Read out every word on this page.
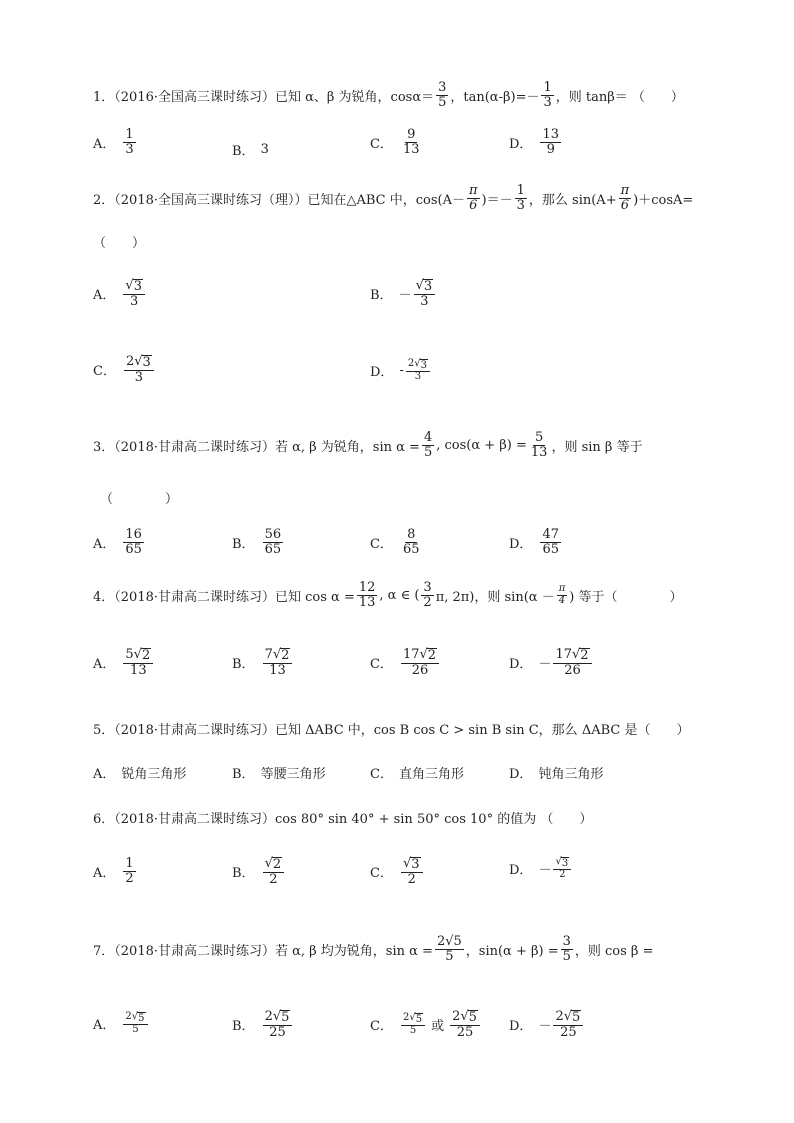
1．（2016·全国高三课时练习）已知 α、β 为锐角，$\cos\alpha= \frac{3}{5}$ ，$\tan(\alpha-\beta)=- \frac{1}{3}$ ，则 tanβ＝ （　　）
A． $\frac{1}{3}$	B． 3	C． $\frac{9}{13}$	D． $\frac{13}{9}$
2．（2018·全国高三课时练习（理））已知在△ABC 中，$\cos(A- \frac{\pi}{6}$ )＝－ $\frac{1}{3}$ ，那么 $\sin(A+ \frac{\pi}{6} )+\cos A=$
（　　）
A． $\frac{√ 3}{3}$	B． － $\frac{√ 3}{3}$
C． $\frac{2 √ 3}{3}$	D． - $\frac{2 √ 3}{3}$
3．（2018·甘肃高二课时练习）若 α, β 为锐角，$\sin \alpha = \frac{4}{5}$ , $\cos(\alpha + \beta) = \frac{5}{13}$ ，则 sin β 等于
（　　　　）
A． $\frac{16}{65}$	B． $\frac{56}{65}$	C． $\frac{8}{65}$	D． $\frac{47}{65}$
4．（2018·甘肃高二课时练习）已知 $\cos \alpha = \frac{12}{13}$ , α ∈ ( $\frac{3}{2} \pi$, 2π)，则 $\sin(\alpha - \frac{\pi}{4}$ ) 等于（　　　　）
A． $\frac{5 √ 2}{13}$	B． $\frac{7 √ 2}{13}$	C． $\frac{17 √ 2}{26}$	D． － $\frac{17 √ 2}{26}$
5．（2018·甘肃高二课时练习）已知 ΔABC 中，cos B cos C > sin B sin C，那么 ΔABC 是（　　）
A． 锐角三角形	B． 等腰三角形	C． 直角三角形	D． 钝角三角形
6．（2018·甘肃高二课时练习）cos 80° sin 40° + sin 50° cos 10° 的值为 （　　）
A． $\frac{1}{2}$	B． $\frac{√ 2}{2}$	C． $\frac{√ 3}{2}$	D． － $\frac{√ 3}{2}$
7．（2018·甘肃高二课时练习）若 α, β 均为锐角，$\sin \alpha = \frac{2√5}{5}$ ，$\sin(\alpha + \beta) = \frac{3}{5}$ ，则 cos β =
A． $\frac{2 √ 5}{5}$	B． $\frac{2 √ 5}{25}$	C． $\frac{2 √ 5}{5}$ 或 $\frac{2 √ 5}{25}$ D． － $\frac{2 √ 5}{25}$
